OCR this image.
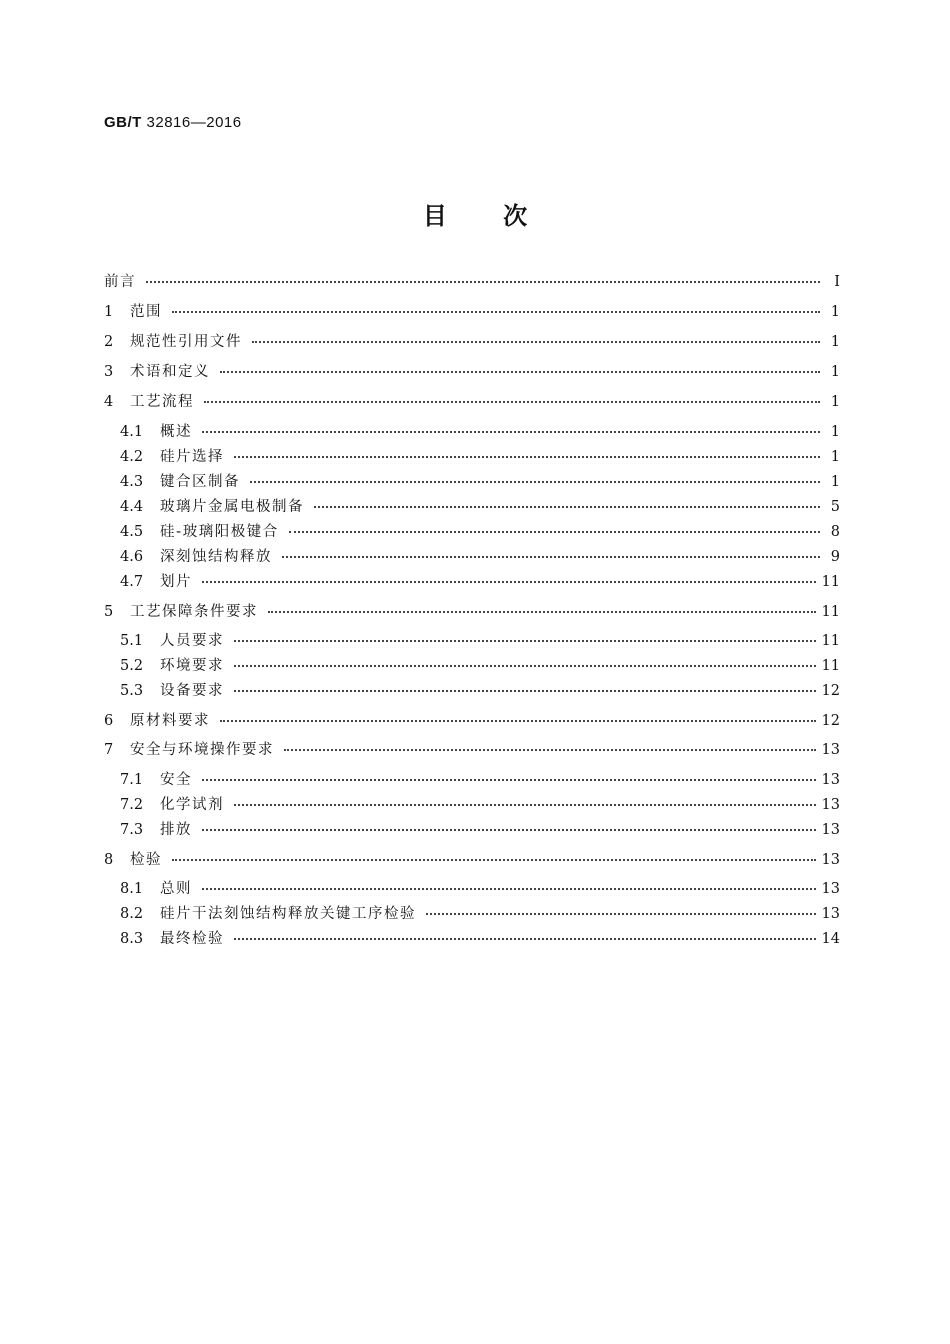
GB/T 32816—2016
目 次
前言	Ⅰ
1	范围	1
2	规范性引用文件	1
3	术语和定义	1
4	工艺流程	1
4.1	概述	1
4.2	硅片选择	1
4.3	键合区制备	1
4.4	玻璃片金属电极制备	5
4.5	硅-玻璃阳极键合	8
4.6	深刻蚀结构释放	9
4.7	划片	11
5	工艺保障条件要求	11
5.1	人员要求	11
5.2	环境要求	11
5.3	设备要求	12
6	原材料要求	12
7	安全与环境操作要求	13
7.1	安全	13
7.2	化学试剂	13
7.3	排放	13
8	检验	13
8.1	总则	13
8.2	硅片干法刻蚀结构释放关键工序检验	13
8.3	最终检验	14
